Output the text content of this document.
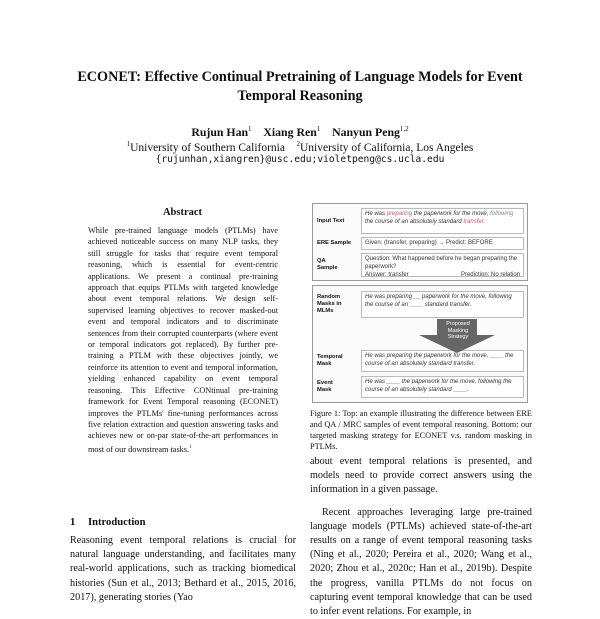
ECONET: Effective Continual Pretraining of Language Models for Event
Temporal Reasoning
Rujun Han$^1$ Xiang Ren$^1$ Nanyun Peng$^{1,2}$
$^1$University of Southern California $^2$University of California, Los Angeles
{rujunhan,xiangren}@usc.edu;violetpeng@cs.ucla.edu
Abstract

While pre-trained language models (PTLMs) have achieved noticeable success on many NLP tasks, they still struggle for tasks that require event temporal reasoning, which is essential for event-centric applications. We present a continual pre-training approach that equips PTLMs with targeted knowledge about event temporal relations. We design self-supervised learning objectives to recover masked-out event and temporal indicators and to discriminate sentences from their corrupted counterparts (where event or temporal indicators got replaced). By further pre-training a PTLM with these objectives jointly, we reinforce its attention to event and temporal information, yielding enhanced capability on event temporal reasoning. This Effective CONtinual pre-training framework for Event Temporal reasoning (ECONET) improves the PTLMs' fine-tuning performances across five relation extraction and question answering tasks and achieves new or on-par state-of-the-art performances in most of our downstream tasks.$^1$

1 Introduction

Reasoning event temporal relations is crucial for natural language understanding, and facilitates many real-world applications, such as tracking biomedical histories (Sun et al., 2013; Bethard et al., 2015, 2016, 2017), generating stories (Yao

Input Text
He was preparing the paperwork for the move, following the course of an absolutely standard transfer.
ERE Sample	Given: (transfer, preparing) → Predict: BEFORE
QA
Sample
Question: What happened before he began preparing the paperwork?
Answer: transfer	Prediction: No relation
Random
Masks in
MLMs
He was preparing __ paperwork for the move, following the course of an ____ standard transfer.
Temporal
Mask
He was preparing the paperwork for the move, ____ the course of an absolutely standard transfer.
Event
Mask
He was ____ the paperwork for the move, following the course of an absolutely standard ____.
Proposed
Masking
Strategy

Figure 1: Top: an example illustrating the difference between ERE and QA / MRC samples of event temporal reasoning. Bottom: our targeted masking strategy for ECONET v.s. random masking in PTLMs.

about event temporal relations is presented, and models need to provide correct answers using the information in a given passage.

Recent approaches leveraging large pre-trained language models (PTLMs) achieved state-of-the-art results on a range of event temporal reasoning tasks (Ning et al., 2020; Pereira et al., 2020; Wang et al., 2020; Zhou et al., 2020c; Han et al., 2019b). Despite the progress, vanilla PTLMs do not focus on capturing event temporal knowledge that can be used to infer event relations. For example, in
